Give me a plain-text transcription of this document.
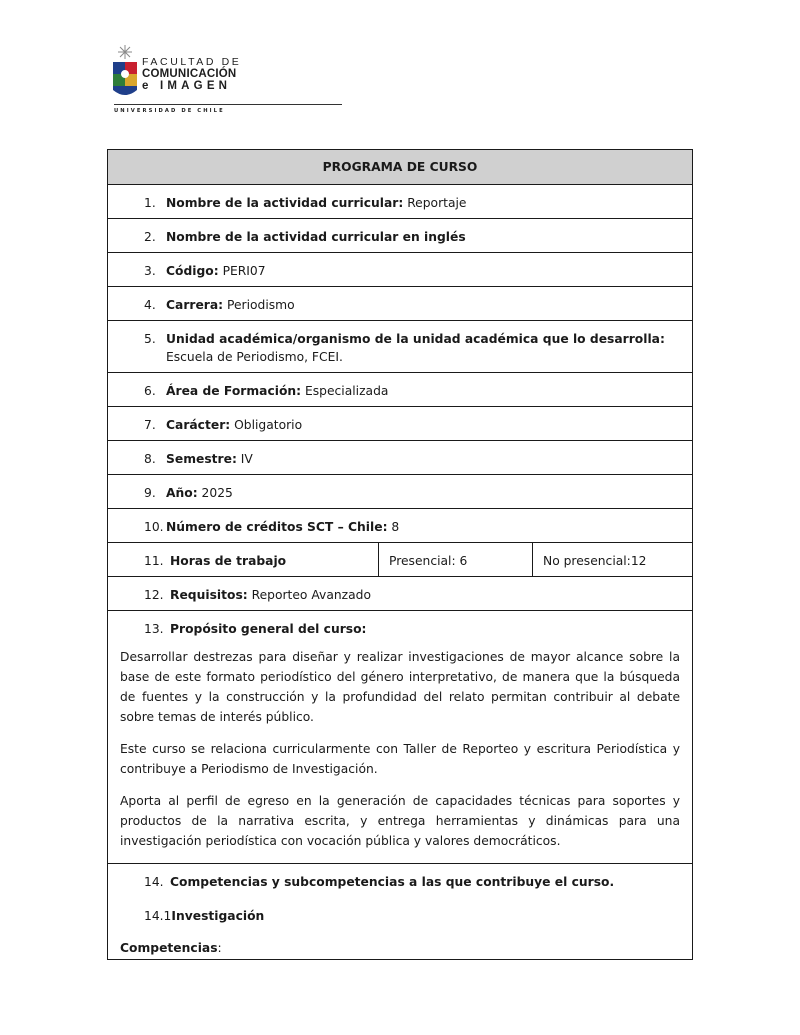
FACULTAD DE
COMUNICACIÓN
e IMAGEN
UNIVERSIDAD DE CHILE
PROGRAMA DE CURSO

1. Nombre de la actividad curricular: Reportaje

2. Nombre de la actividad curricular en inglés

3. Código: PERI07

4. Carrera: Periodismo

5. Unidad académica/organismo de la unidad académica que lo desarrolla: Escuela de Periodismo, FCEI.

6. Área de Formación: Especializada

7. Carácter: Obligatorio

8. Semestre: IV

9. Año: 2025

10. Número de créditos SCT – Chile: 8

11. Horas de trabajo	Presencial: 6	No presencial:12

12. Requisitos: Reporteo Avanzado

13. Propósito general del curso:

Desarrollar destrezas para diseñar y realizar investigaciones de mayor alcance sobre la base de este formato periodístico del género interpretativo, de manera que la búsqueda de fuentes y la construcción y la profundidad del relato permitan contribuir al debate sobre temas de interés público.

Este curso se relaciona curricularmente con Taller de Reporteo y escritura Periodística y contribuye a Periodismo de Investigación.

Aporta al perfil de egreso en la generación de capacidades técnicas para soportes y productos de la narrativa escrita, y entrega herramientas y dinámicas para una investigación periodística con vocación pública y valores democráticos.

14. Competencias y subcompetencias a las que contribuye el curso.
14.1Investigación
Competencias:
